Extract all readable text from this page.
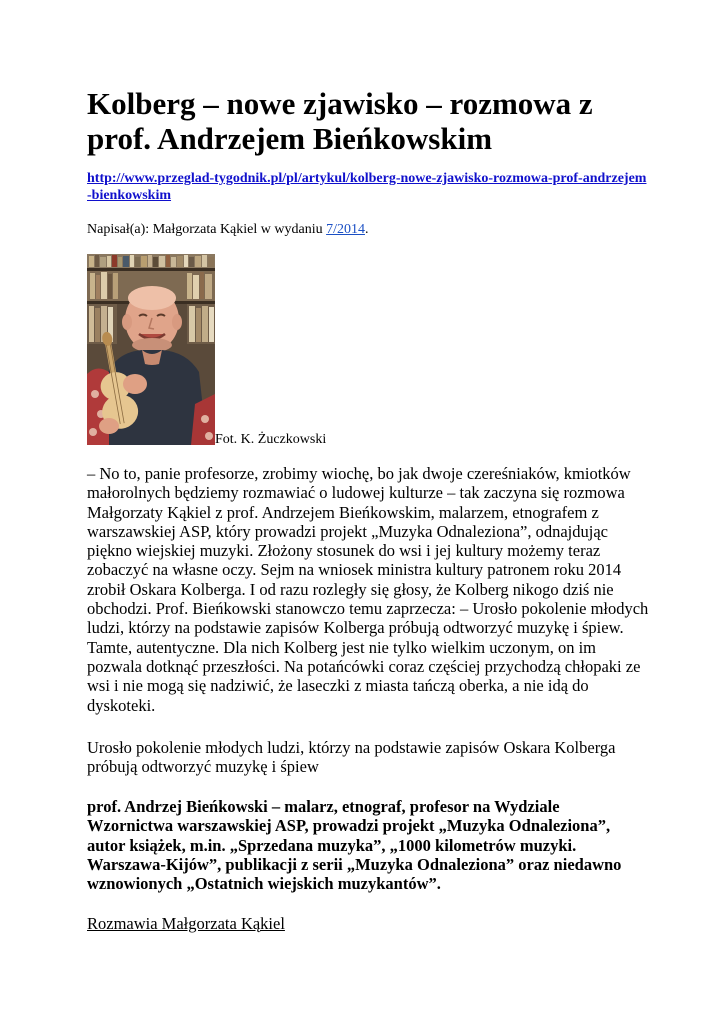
Kolberg – nowe zjawisko – rozmowa z prof. Andrzejem Bieńkowskim
http://www.przeglad-tygodnik.pl/pl/artykul/kolberg-nowe-zjawisko-rozmowa-prof-andrzejem-bienkowskim
Napisał(a): Małgorzata Kąkiel w wydaniu 7/2014.
Fot. K. Żuczkowski

– No to, panie profesorze, zrobimy wiochę, bo jak dwoje czereśniaków, kmiotków małorolnych będziemy rozmawiać o ludowej kulturze – tak zaczyna się rozmowa Małgorzaty Kąkiel z prof. Andrzejem Bieńkowskim, malarzem, etnografem z warszawskiej ASP, który prowadzi projekt „Muzyka Odnaleziona”, odnajdując piękno wiejskiej muzyki. Złożony stosunek do wsi i jej kultury możemy teraz zobaczyć na własne oczy. Sejm na wniosek ministra kultury patronem roku 2014 zrobił Oskara Kolberga. I od razu rozległy się głosy, że Kolberg nikogo dziś nie obchodzi. Prof. Bieńkowski stanowczo temu zaprzecza: – Urosło pokolenie młodych ludzi, którzy na podstawie zapisów Kolberga próbują odtworzyć muzykę i śpiew. Tamte, autentyczne. Dla nich Kolberg jest nie tylko wielkim uczonym, on im pozwala dotknąć przeszłości. Na potańcówki coraz częściej przychodzą chłopaki ze wsi i nie mogą się nadziwić, że laseczki z miasta tańczą oberka, a nie idą do dyskoteki.

Urosło pokolenie młodych ludzi, którzy na podstawie zapisów Oskara Kolberga próbują odtworzyć muzykę i śpiew

prof. Andrzej Bieńkowski – malarz, etnograf, profesor na Wydziale Wzornictwa warszawskiej ASP, prowadzi projekt „Muzyka Odnaleziona”, autor książek, m.in. „Sprzedana muzyka”, „1000 kilometrów muzyki. Warszawa-Kijów”, publikacji z serii „Muzyka Odnaleziona” oraz niedawno wznowionych „Ostatnich wiejskich muzykantów”.

Rozmawia Małgorzata Kąkiel
